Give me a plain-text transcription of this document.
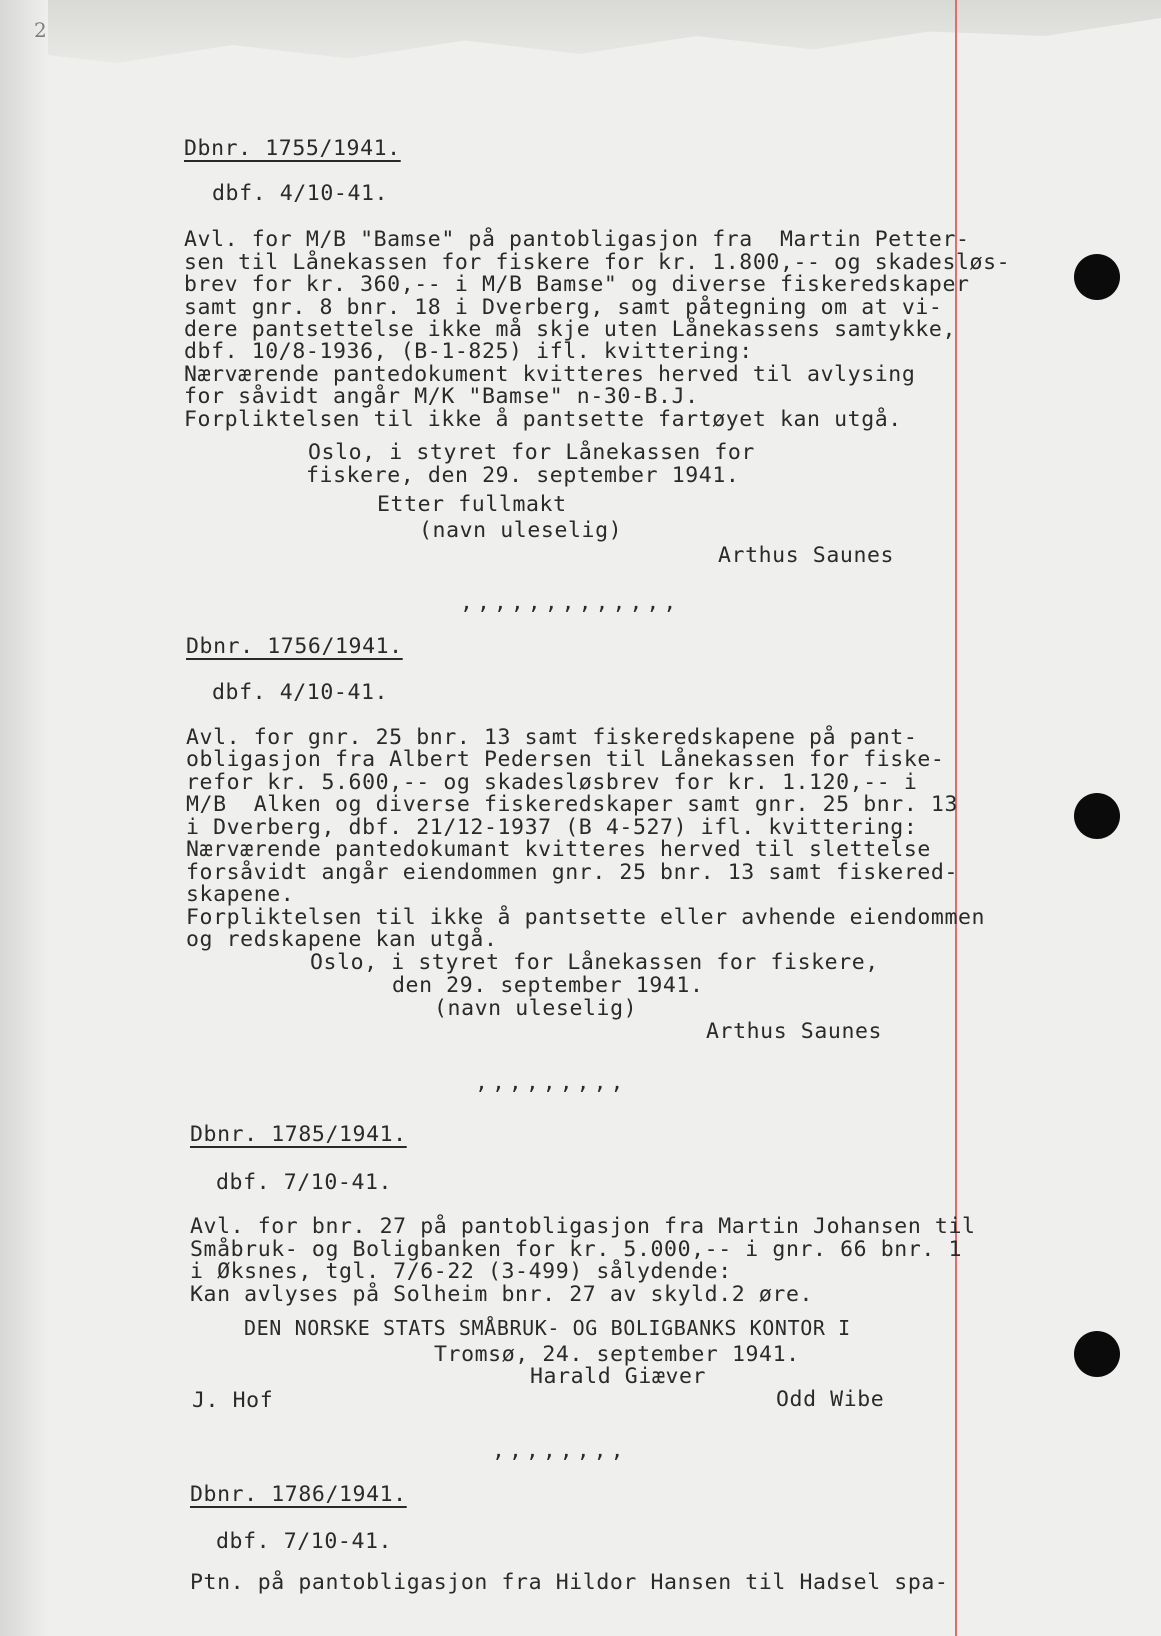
2
Dbnr. 1755/1941.
dbf. 4/10-41.
Avl. for M/B "Bamse" på pantobligasjon fra  Martin Petter-
sen til Lånekassen for fiskere for kr. 1.800,-- og skadesløs-
brev for kr. 360,-- i M/B Bamse" og diverse fiskeredskaper
samt gnr. 8 bnr. 18 i Dverberg, samt påtegning om at vi-
dere pantsettelse ikke må skje uten Lånekassens samtykke,
dbf. 10/8-1936, (B-1-825) ifl. kvittering:
Nærværende pantedokument kvitteres herved til avlysing
for såvidt angår M/K "Bamse" n-30-B.J.
Forpliktelsen til ikke å pantsette fartøyet kan utgå.
Oslo, i styret for Lånekassen for
fiskere, den 29. september 1941.
Etter fullmakt
(navn uleselig)
Arthus Saunes
,,,,,,,,,,,,,
Dbnr. 1756/1941.
dbf. 4/10-41.
Avl. for gnr. 25 bnr. 13 samt fiskeredskapene på pant-
obligasjon fra Albert Pedersen til Lånekassen for fiske-
refor kr. 5.600,-- og skadesløsbrev for kr. 1.120,-- i
M/B  Alken og diverse fiskeredskaper samt gnr. 25 bnr. 13
i Dverberg, dbf. 21/12-1937 (B 4-527) ifl. kvittering:
Nærværende pantedokumant kvitteres herved til slettelse
forsåvidt angår eiendommen gnr. 25 bnr. 13 samt fiskered-
skapene.
Forpliktelsen til ikke å pantsette eller avhende eiendommen
og redskapene kan utgå.
Oslo, i styret for Lånekassen for fiskere,
den 29. september 1941.
(navn uleselig)
Arthus Saunes
,,,,,,,,,
Dbnr. 1785/1941.
dbf. 7/10-41.
Avl. for bnr. 27 på pantobligasjon fra Martin Johansen til
Småbruk- og Boligbanken for kr. 5.000,-- i gnr. 66 bnr. 1
i Øksnes, tgl. 7/6-22 (3-499) sålydende:
Kan avlyses på Solheim bnr. 27 av skyld.2 øre.
DEN NORSKE STATS SMÅBRUK- OG BOLIGBANKS KONTOR I
Tromsø, 24. september 1941.
Harald Giæver
J. Hof	Odd Wibe
,,,,,,,,
Dbnr. 1786/1941.
dbf. 7/10-41.
Ptn. på pantobligasjon fra Hildor Hansen til Hadsel spa-
